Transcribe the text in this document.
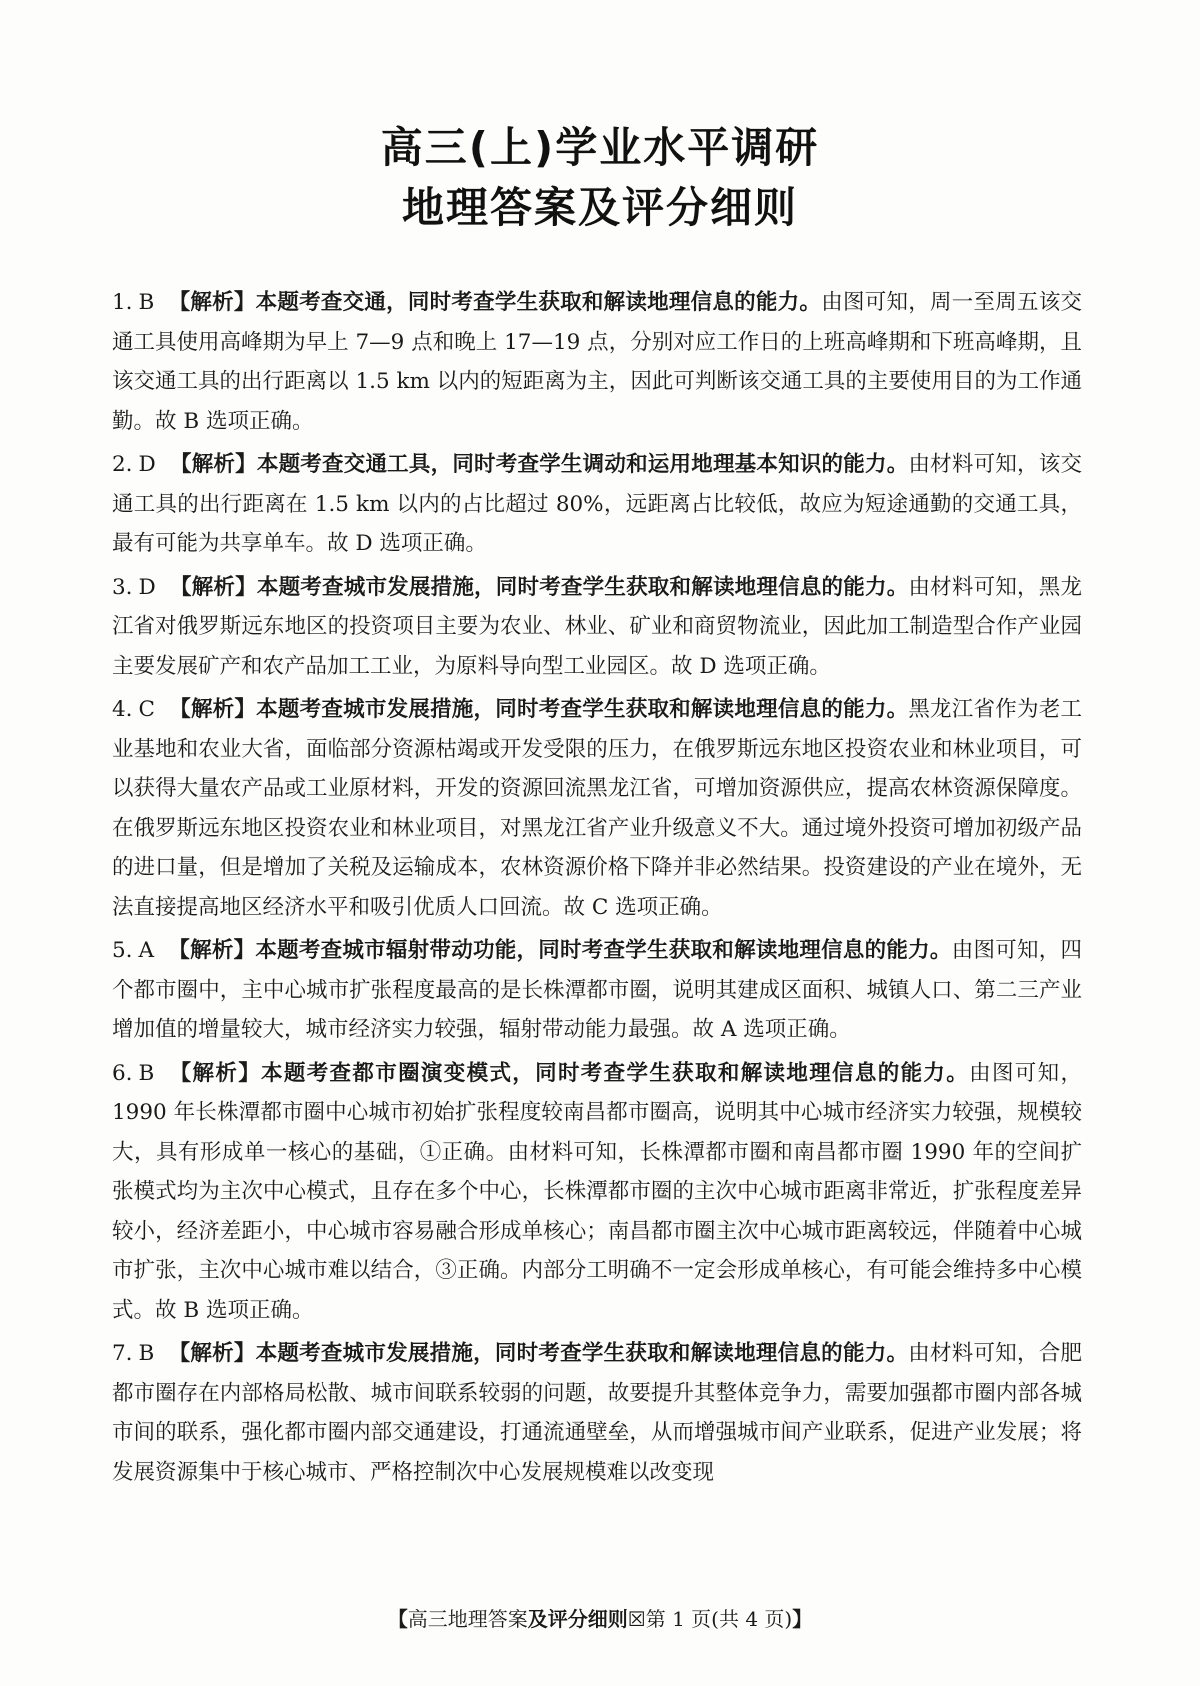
高三(上)学业水平调研
地理答案及评分细则

1. B 【解析】本题考查交通，同时考查学生获取和解读地理信息的能力。由图可知，周一至周五该交通工具使用高峰期为早上 7—9 点和晚上 17—19 点，分别对应工作日的上班高峰期和下班高峰期，且该交通工具的出行距离以 1.5 km 以内的短距离为主，因此可判断该交通工具的主要使用目的为工作通勤。故 B 选项正确。

2. D 【解析】本题考查交通工具，同时考查学生调动和运用地理基本知识的能力。由材料可知，该交通工具的出行距离在 1.5 km 以内的占比超过 80%，远距离占比较低，故应为短途通勤的交通工具，最有可能为共享单车。故 D 选项正确。

3. D 【解析】本题考查城市发展措施，同时考查学生获取和解读地理信息的能力。由材料可知，黑龙江省对俄罗斯远东地区的投资项目主要为农业、林业、矿业和商贸物流业，因此加工制造型合作产业园主要发展矿产和农产品加工工业，为原料导向型工业园区。故 D 选项正确。

4. C 【解析】本题考查城市发展措施，同时考查学生获取和解读地理信息的能力。黑龙江省作为老工业基地和农业大省，面临部分资源枯竭或开发受限的压力，在俄罗斯远东地区投资农业和林业项目，可以获得大量农产品或工业原材料，开发的资源回流黑龙江省，可增加资源供应，提高农林资源保障度。在俄罗斯远东地区投资农业和林业项目，对黑龙江省产业升级意义不大。通过境外投资可增加初级产品的进口量，但是增加了关税及运输成本，农林资源价格下降并非必然结果。投资建设的产业在境外，无法直接提高地区经济水平和吸引优质人口回流。故 C 选项正确。

5. A 【解析】本题考查城市辐射带动功能，同时考查学生获取和解读地理信息的能力。由图可知，四个都市圈中，主中心城市扩张程度最高的是长株潭都市圈，说明其建成区面积、城镇人口、第二三产业增加值的增量较大，城市经济实力较强，辐射带动能力最强。故 A 选项正确。

6. B 【解析】本题考查都市圈演变模式，同时考查学生获取和解读地理信息的能力。由图可知，1990 年长株潭都市圈中心城市初始扩张程度较南昌都市圈高，说明其中心城市经济实力较强，规模较大，具有形成单一核心的基础，①正确。由材料可知，长株潭都市圈和南昌都市圈 1990 年的空间扩张模式均为主次中心模式，且存在多个中心，长株潭都市圈的主次中心城市距离非常近，扩张程度差异较小，经济差距小，中心城市容易融合形成单核心；南昌都市圈主次中心城市距离较远，伴随着中心城市扩张，主次中心城市难以结合，③正确。内部分工明确不一定会形成单核心，有可能会维持多中心模式。故 B 选项正确。

7. B 【解析】本题考查城市发展措施，同时考查学生获取和解读地理信息的能力。由材料可知，合肥都市圈存在内部格局松散、城市间联系较弱的问题，故要提升其整体竞争力，需要加强都市圈内部各城市间的联系，强化都市圈内部交通建设，打通流通壁垒，从而增强城市间产业联系，促进产业发展；将发展资源集中于核心城市、严格控制次中心发展规模难以改变现

【高三地理答案及评分细则☒第 1 页(共 4 页)】
